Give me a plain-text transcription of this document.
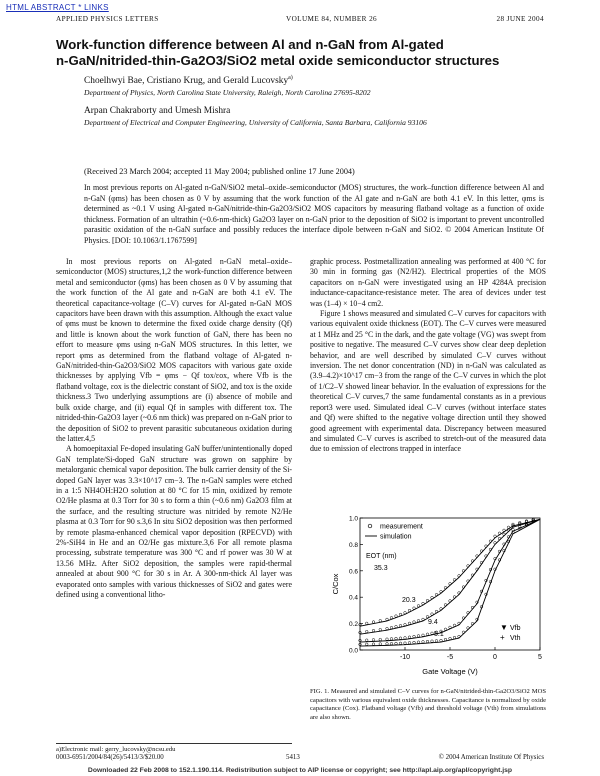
HTML ABSTRACT * LINKS
APPLIED PHYSICS LETTERS	VOLUME 84, NUMBER 26	28 JUNE 2004
Work-function difference between Al and n-GaN from Al-gated
n-GaN/nitrided-thin-Ga2O3/SiO2 metal oxide semiconductor structures
Choelhwyi Bae, Cristiano Krug, and Gerald Lucovsky$^{a)}$
Department of Physics, North Carolina State University, Raleigh, North Carolina 27695-8202
Arpan Chakraborty and Umesh Mishra
Department of Electrical and Computer Engineering, University of California, Santa Barbara, California 93106
(Received 23 March 2004; accepted 11 May 2004; published online 17 June 2004)
In most previous reports on Al-gated n-GaN/SiO2 metal–oxide–semiconductor (MOS) structures, the work–function difference between Al and n-GaN (φms) has been chosen as 0 V by assuming that the work function of the Al gate and n-GaN are both 4.1 eV. In this letter, φms is determined as ~0.1 V using Al-gated n-GaN/nitride-thin-Ga2O3/SiO2 MOS capacitors by measuring flatband voltage as a function of oxide thickness. Formation of an ultrathin (~0.6-nm-thick) Ga2O3 layer on n-GaN prior to the deposition of SiO2 is important to prevent uncontrolled parasitic oxidation of the n-GaN surface and possibly reduces the interface dipole between n-GaN and SiO2. © 2004 American Institute Of Physics. [DOI: 10.1063/1.1767599]

In most previous reports on Al-gated n-GaN metal–oxide–semiconductor (MOS) structures,1,2 the work-function difference between metal and semiconductor (φms) has been chosen as 0 V by assuming that the work function of the Al gate and n-GaN are both 4.1 eV. The theoretical capacitance-voltage (C–V) curves for Al-gated n-GaN MOS capacitors have been drawn with this assumption. Although the exact value of φms must be known to determine the fixed oxide charge density (Qf) and little is known about the work function of GaN, there has been no effort to measure φms using n-GaN MOS structures. In this letter, we report φms as determined from the flatband voltage of Al-gated n-GaN/nitrided-thin-Ga2O3/SiO2 MOS capacitors with various gate oxide thicknesses by applying Vfb = φms − Qf tox/εox, where Vfb is the flatband voltage, εox is the dielectric constant of SiO2, and tox is the oxide thickness.3 Two underlying assumptions are (i) absence of mobile and bulk oxide charge, and (ii) equal Qf in samples with different tox. The nitrided-thin-Ga2O3 layer (~0.6 nm thick) was prepared on n-GaN prior to the deposition of SiO2 to prevent parasitic subcutaneous oxidation during the latter.4,5

A homoepitaxial Fe-doped insulating GaN buffer/unintentionally doped GaN template/Si-doped GaN structure was grown on sapphire by metalorganic chemical vapor deposition. The bulk carrier density of the Si-doped GaN layer was 3.3×10^17 cm−3. The n-GaN samples were etched in a 1:5 NH4OH:H2O solution at 80 °C for 15 min, oxidized by remote O2/He plasma at 0.3 Torr for 30 s to form a thin (~0.6 nm) Ga2O3 film at the surface, and the resulting structure was nitrided by remote N2/He plasma at 0.3 Torr for 90 s.3,6 In situ SiO2 deposition was then performed by remote plasma-enhanced chemical vapor deposition (RPECVD) with 2%-SiH4 in He and an O2/He gas mixture.3,6 For all remote plasma processing, substrate temperature was 300 °C and rf power was 30 W at 13.56 MHz. After SiO2 deposition, the samples were rapid-thermal annealed at about 900 °C for 30 s in Ar. A 300-nm-thick Al layer was evaporated onto samples with various thicknesses of SiO2 and gates were defined using a conventional litho-

graphic process. Postmetallization annealing was performed at 400 °C for 30 min in forming gas (N2/H2). Electrical properties of the MOS capacitors on n-GaN were investigated using an HP 4284A precision inductance-capacitance-resistance meter. The area of devices under test was (1–4) × 10−4 cm2.

Figure 1 shows measured and simulated C–V curves for capacitors with various equivalent oxide thickness (EOT). The C–V curves were measured at 1 MHz and 25 °C in the dark, and the gate voltage (VG) was swept from positive to negative. The measured C–V curves show clear deep depletion behavior, and are well described by simulated C–V curves without inversion. The net donor concentration (ND) in n-GaN was calculated as (3.9–4.2)×10^17 cm−3 from the range of the C–V curves in which the plot of 1/C2–V showed linear behavior. In the evaluation of expressions for the theoretical C–V curves,7 the same fundamental constants as in a previous report3 were used. Simulated ideal C–V curves (without interface states and Qf) were shifted to the negative voltage direction until they showed good agreement with experimental data. Discrepancy between measured and simulated C–V curves is ascribed to stretch-out of the measured data due to emission of electrons trapped in interface

-10	-5	0	5
0.0
0.2
0.4
0.6
0.8
1.0
measurement
simulation
EOT (nm)
35.3
20.3
9.4
5.1
▼ Vfb
+ Vth
Gate Voltage (V)
C/Cox
FIG. 1. Measured and simulated C–V curves for n-GaN/nitrided-thin-Ga2O3/SiO2 MOS capacitors with various equivalent oxide thicknesses. Capacitance is normalized by oxide capacitance (Cox). Flatband voltage (Vfb) and threshold voltage (Vth) from simulations are also shown.
a)Electronic mail: gerry_lucovsky@ncsu.edu
0003-6951/2004/84(26)/5413/3/$20.00	5413	© 2004 American Institute Of Physics
Downloaded 22 Feb 2008 to 152.1.190.114. Redistribution subject to AIP license or copyright; see http://apl.aip.org/apl/copyright.jsp
